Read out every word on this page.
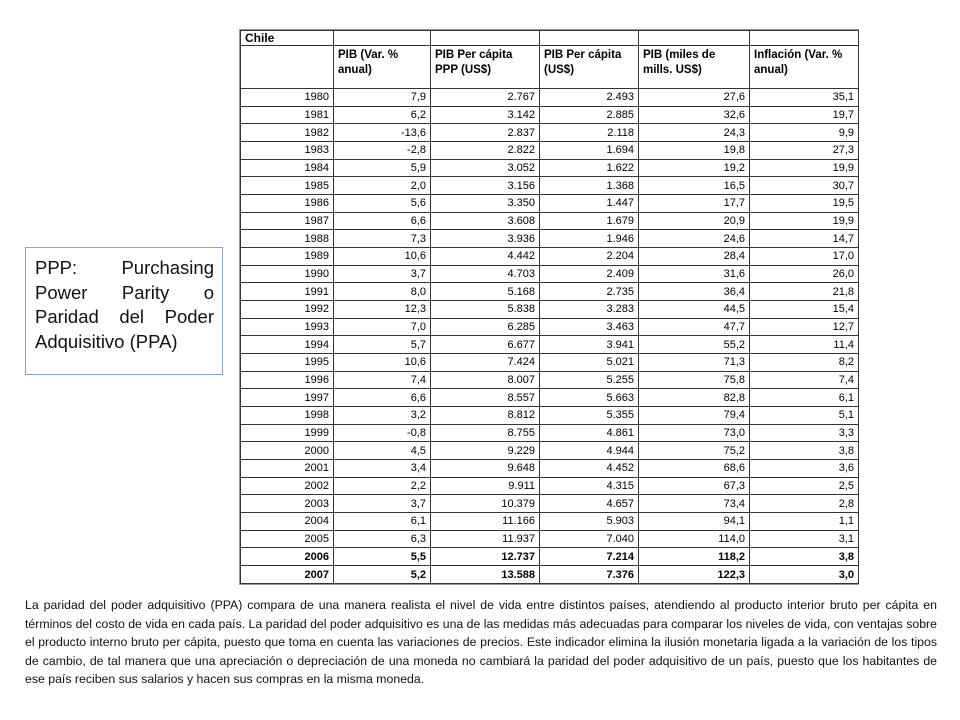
Chile					
	PIB (Var. % anual)	PIB Per cápita PPP (US$)	PIB Per cápita (US$)	PIB (miles de mills. US$)	Inflación (Var. % anual)
1980	7,9	2.767	2.493	27,6	35,1
1981	6,2	3.142	2.885	32,6	19,7
1982	-13,6	2.837	2.118	24,3	9,9
1983	-2,8	2.822	1.694	19,8	27,3
1984	5,9	3.052	1.622	19,2	19,9
1985	2,0	3.156	1.368	16,5	30,7
1986	5,6	3.350	1.447	17,7	19,5
1987	6,6	3.608	1.679	20,9	19,9
1988	7,3	3.936	1.946	24,6	14,7
1989	10,6	4.442	2.204	28,4	17,0
1990	3,7	4.703	2.409	31,6	26,0
1991	8,0	5.168	2.735	36,4	21,8
1992	12,3	5.838	3.283	44,5	15,4
1993	7,0	6.285	3.463	47,7	12,7
1994	5,7	6.677	3.941	55,2	11,4
1995	10,6	7.424	5.021	71,3	8,2
1996	7,4	8.007	5.255	75,8	7,4
1997	6,6	8.557	5.663	82,8	6,1
1998	3,2	8.812	5.355	79,4	5,1
1999	-0,8	8.755	4.861	73,0	3,3
2000	4,5	9.229	4.944	75,2	3,8
2001	3,4	9.648	4.452	68,6	3,6
2002	2,2	9.911	4.315	67,3	2,5
2003	3,7	10.379	4.657	73,4	2,8
2004	6,1	11.166	5.903	94,1	1,1
2005	6,3	11.937	7.040	114,0	3,1
2006	5,5	12.737	7.214	118,2	3,8
2007	5,2	13.588	7.376	122,3	3,0
PPP: Purchasing Power Parity o Paridad del Poder Adquisitivo (PPA)
La paridad del poder adquisitivo (PPA) compara de una manera realista el nivel de vida entre distintos países, atendiendo al producto interior bruto per cápita en términos del costo de vida en cada país. La paridad del poder adquisitivo es una de las medidas más adecuadas para comparar los niveles de vida, con ventajas sobre el producto interno bruto per cápita, puesto que toma en cuenta las variaciones de precios. Este indicador elimina la ilusión monetaria ligada a la variación de los tipos de cambio, de tal manera que una apreciación o depreciación de una moneda no cambiará la paridad del poder adquisitivo de un país, puesto que los habitantes de ese país reciben sus salarios y hacen sus compras en la misma moneda.
